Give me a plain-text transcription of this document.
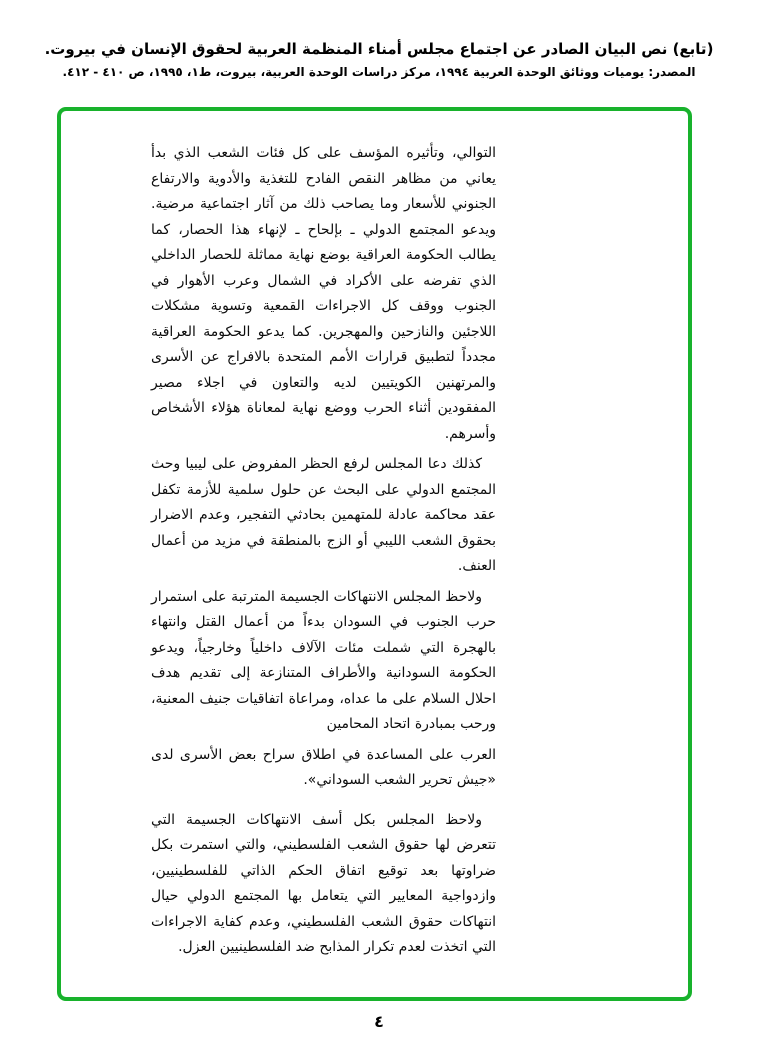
(تابع) نص البيان الصادر عن اجتماع مجلس أمناء المنظمة العربية لحقوق الإنسان في بيروت.
المصدر: يوميات ووثائق الوحدة العربية ١٩٩٤، مركز دراسات الوحدة العربية، بيروت، ط١، ١٩٩٥، ص ٤١٠ - ٤١٢.

التوالي، وتأثيره المؤسف على كل فئات الشعب الذي بدأ يعاني من مظاهر النقص الفادح للتغذية والأدوية والارتفاع الجنوني للأسعار وما يصاحب ذلك من آثار اجتماعية مرضية. ويدعو المجتمع الدولي ـ بإلحاح ـ لإنهاء هذا الحصار، كما يطالب الحكومة العراقية بوضع نهاية مماثلة للحصار الداخلي الذي تفرضه على الأكراد في الشمال وعرب الأهوار في الجنوب ووقف كل الاجراءات القمعية وتسوية مشكلات اللاجئين والنازحين والمهجرين. كما يدعو الحكومة العراقية مجدداً لتطبيق قرارات الأمم المتحدة بالافراج عن الأسرى والمرتهنين الكويتيين لديه والتعاون في اجلاء مصير المفقودين أثناء الحرب ووضع نهاية لمعاناة هؤلاء الأشخاص وأسرهم.

كذلك دعا المجلس لرفع الحظر المفروض على ليبيا وحث المجتمع الدولي على البحث عن حلول سلمية للأزمة تكفل عقد محاكمة عادلة للمتهمين بحادثي التفجير، وعدم الاضرار بحقوق الشعب الليبي أو الزج بالمنطقة في مزيد من أعمال العنف.

ولاحظ المجلس الانتهاكات الجسيمة المترتبة على استمرار حرب الجنوب في السودان بدءاً من أعمال القتل وانتهاء بالهجرة التي شملت مئات الآلاف داخلياً وخارجياً، ويدعو الحكومة السودانية والأطراف المتنازعة إلى تقديم هدف احلال السلام على ما عداه، ومراعاة اتفاقيات جنيف المعنية، ورحب بمبادرة اتحاد المحامين

العرب على المساعدة في اطلاق سراح بعض الأسرى لدى «جيش تحرير الشعب السوداني».

ولاحظ المجلس بكل أسف الانتهاكات الجسيمة التي تتعرض لها حقوق الشعب الفلسطيني، والتي استمرت بكل ضراوتها بعد توقيع اتفاق الحكم الذاتي للفلسطينيين، وازدواجية المعايير التي يتعامل بها المجتمع الدولي حيال انتهاكات حقوق الشعب الفلسطيني، وعدم كفاية الاجراءات التي اتخذت لعدم تكرار المذابح ضد الفلسطينيين العزل.

٤
